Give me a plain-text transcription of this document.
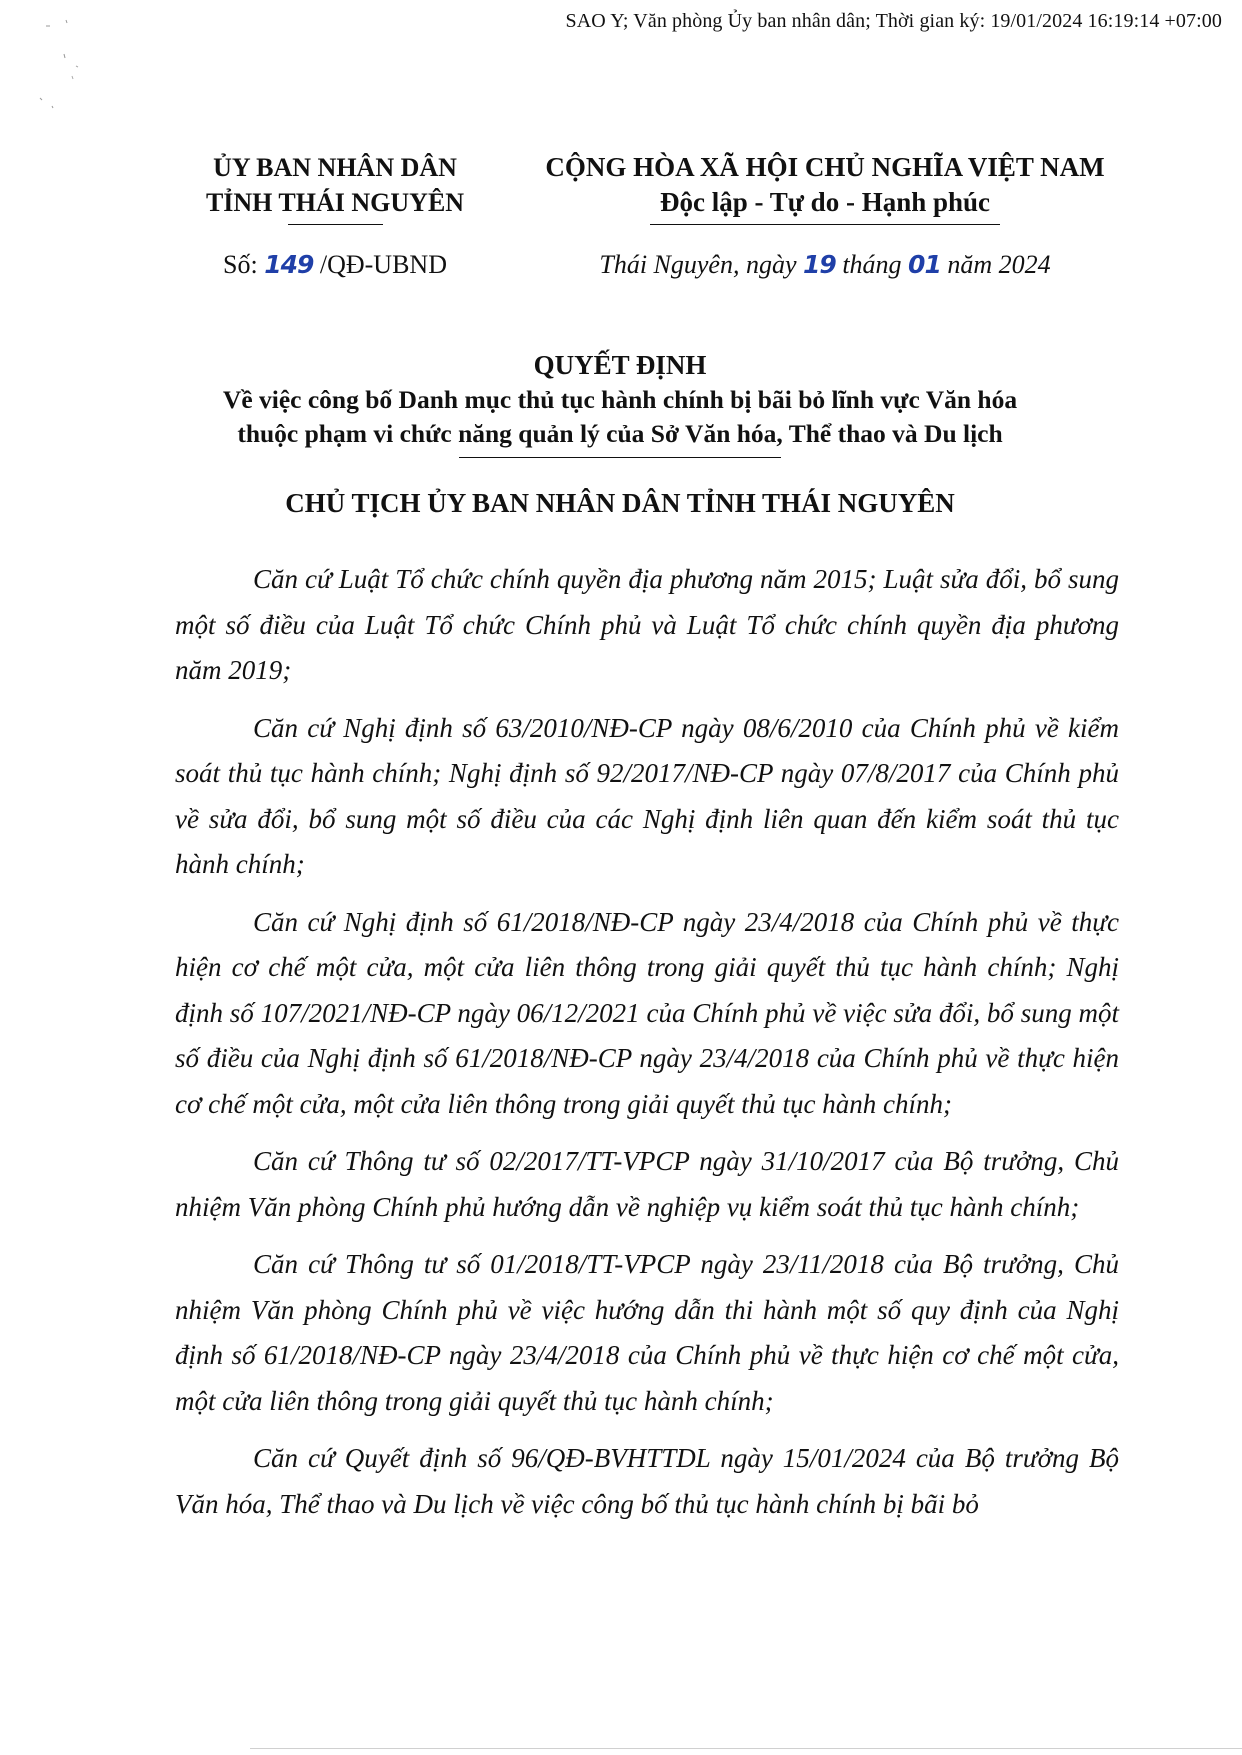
SAO Y; Văn phòng Ủy ban nhân dân; Thời gian ký: 19/01/2024 16:19:14 +07:00
ỦY BAN NHÂN DÂN
TỈNH THÁI NGUYÊN
CỘNG HÒA XÃ HỘI CHỦ NGHĨA VIỆT NAM
Độc lập - Tự do - Hạnh phúc
Số: 149 /QĐ-UBND	Thái Nguyên, ngày 19 tháng 01 năm 2024
QUYẾT ĐỊNH
Về việc công bố Danh mục thủ tục hành chính bị bãi bỏ lĩnh vực Văn hóa
thuộc phạm vi chức năng quản lý của Sở Văn hóa, Thể thao và Du lịch
CHỦ TỊCH ỦY BAN NHÂN DÂN TỈNH THÁI NGUYÊN

Căn cứ Luật Tổ chức chính quyền địa phương năm 2015; Luật sửa đổi, bổ sung một số điều của Luật Tổ chức Chính phủ và Luật Tổ chức chính quyền địa phương năm 2019;

Căn cứ Nghị định số 63/2010/NĐ-CP ngày 08/6/2010 của Chính phủ về kiểm soát thủ tục hành chính; Nghị định số 92/2017/NĐ-CP ngày 07/8/2017 của Chính phủ về sửa đổi, bổ sung một số điều của các Nghị định liên quan đến kiểm soát thủ tục hành chính;

Căn cứ Nghị định số 61/2018/NĐ-CP ngày 23/4/2018 của Chính phủ về thực hiện cơ chế một cửa, một cửa liên thông trong giải quyết thủ tục hành chính; Nghị định số 107/2021/NĐ-CP ngày 06/12/2021 của Chính phủ về việc sửa đổi, bổ sung một số điều của Nghị định số 61/2018/NĐ-CP ngày 23/4/2018 của Chính phủ về thực hiện cơ chế một cửa, một cửa liên thông trong giải quyết thủ tục hành chính;

Căn cứ Thông tư số 02/2017/TT-VPCP ngày 31/10/2017 của Bộ trưởng, Chủ nhiệm Văn phòng Chính phủ hướng dẫn về nghiệp vụ kiểm soát thủ tục hành chính;

Căn cứ Thông tư số 01/2018/TT-VPCP ngày 23/11/2018 của Bộ trưởng, Chủ nhiệm Văn phòng Chính phủ về việc hướng dẫn thi hành một số quy định của Nghị định số 61/2018/NĐ-CP ngày 23/4/2018 của Chính phủ về thực hiện cơ chế một cửa, một cửa liên thông trong giải quyết thủ tục hành chính;

Căn cứ Quyết định số 96/QĐ-BVHTTDL ngày 15/01/2024 của Bộ trưởng Bộ Văn hóa, Thể thao và Du lịch về việc công bố thủ tục hành chính bị bãi bỏ
